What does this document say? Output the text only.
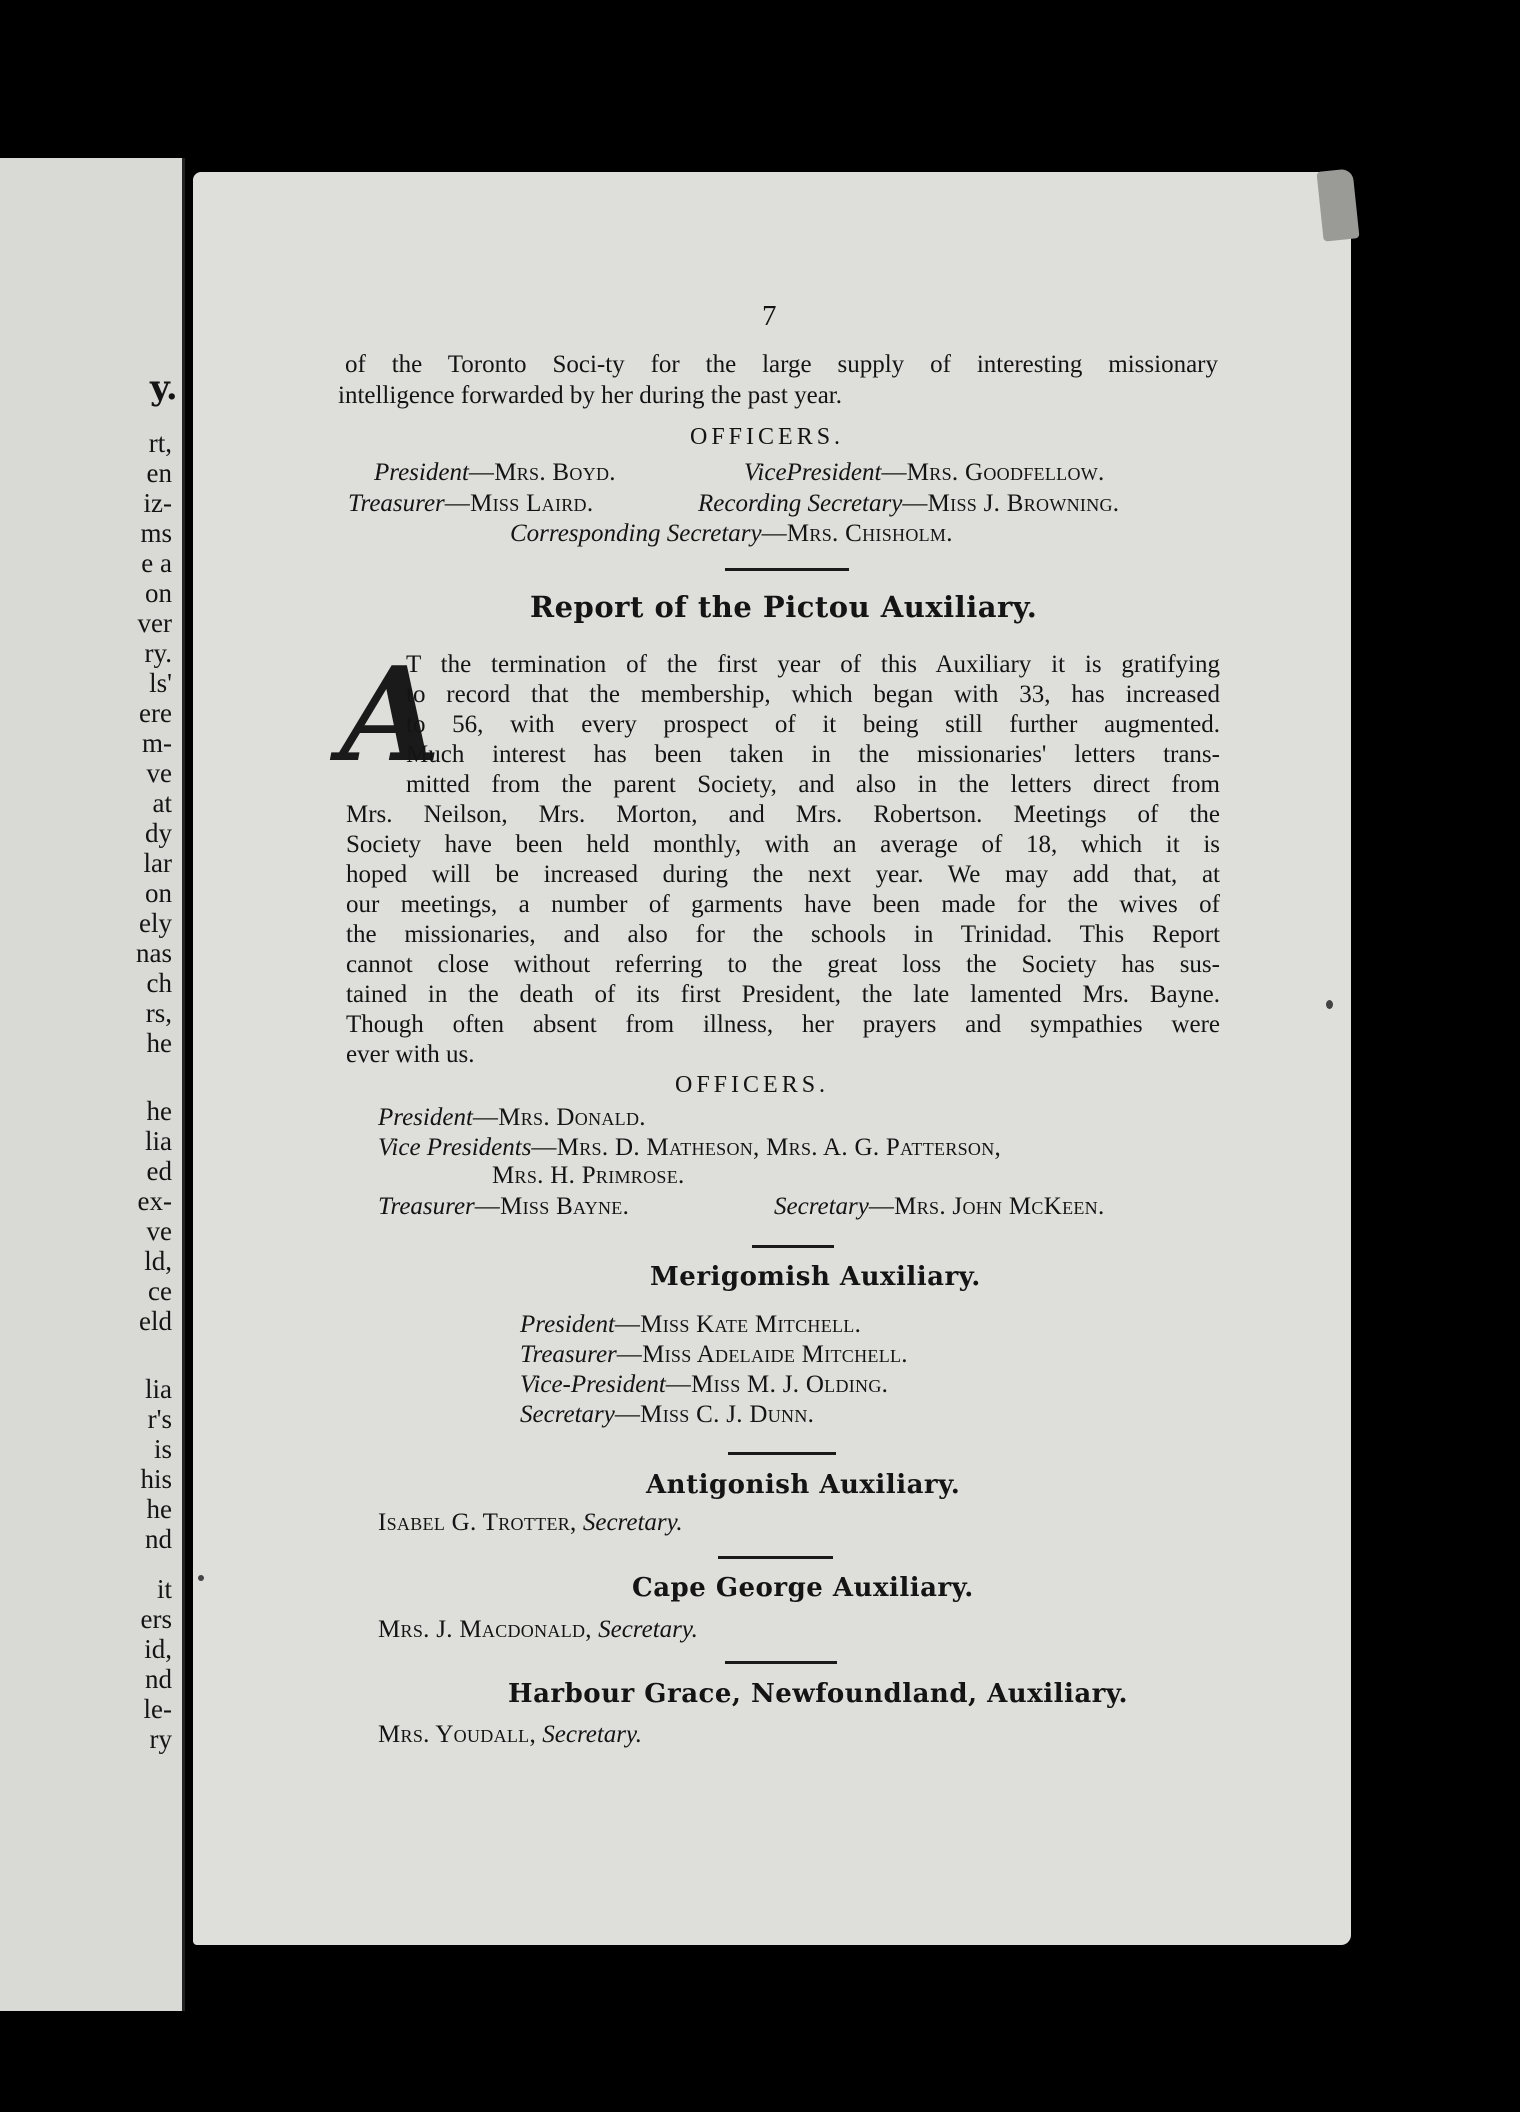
y.
rt,
en
iz-
ms
e a
on
ver
ry.
ls'
ere
m-
ve
at
dy
lar
on
ely
nas
ch
rs,
he
he
lia
ed
ex-
ve
ld,
ce
eld
lia
r's
is
his
he
nd
it
ers
id,
nd
le-
ry
7
of the Toronto Soci-ty for the large supply of interesting missionary
intelligence forwarded by her during the past year.
OFFICERS.
President—Mrs. Boyd.	VicePresident—Mrs. Goodfellow.
Treasurer—Miss Laird.	Recording Secretary—Miss J. Browning.
Corresponding Secretary—Mrs. Chisholm.
Report of the Pictou Auxiliary.
A
T the termination of the first year of this Auxiliary it is gratifying
to record that the membership, which began with 33, has increased
to 56, with every prospect of it being still further augmented.
Much interest has been taken in the missionaries' letters trans-
mitted from the parent Society, and also in the letters direct from
Mrs. Neilson, Mrs. Morton, and Mrs. Robertson. Meetings of the
Society have been held monthly, with an average of 18, which it is
hoped will be increased during the next year. We may add that, at
our meetings, a number of garments have been made for the wives of
the missionaries, and also for the schools in Trinidad. This Report
cannot close without referring to the great loss the Society has sus-
tained in the death of its first President, the late lamented Mrs. Bayne.
Though often absent from illness, her prayers and sympathies were
ever with us.
OFFICERS.
President—Mrs. Donald.
Vice Presidents—Mrs. D. Matheson, Mrs. A. G. Patterson,
Mrs. H. Primrose.
Treasurer—Miss Bayne.	Secretary—Mrs. John McKeen.
Merigomish Auxiliary.
President—Miss Kate Mitchell.
Treasurer—Miss Adelaide Mitchell.
Vice-President—Miss M. J. Olding.
Secretary—Miss C. J. Dunn.
Antigonish Auxiliary.
Isabel G. Trotter, Secretary.
Cape George Auxiliary.
Mrs. J. Macdonald, Secretary.
Harbour Grace, Newfoundland, Auxiliary.
Mrs. Youdall, Secretary.
